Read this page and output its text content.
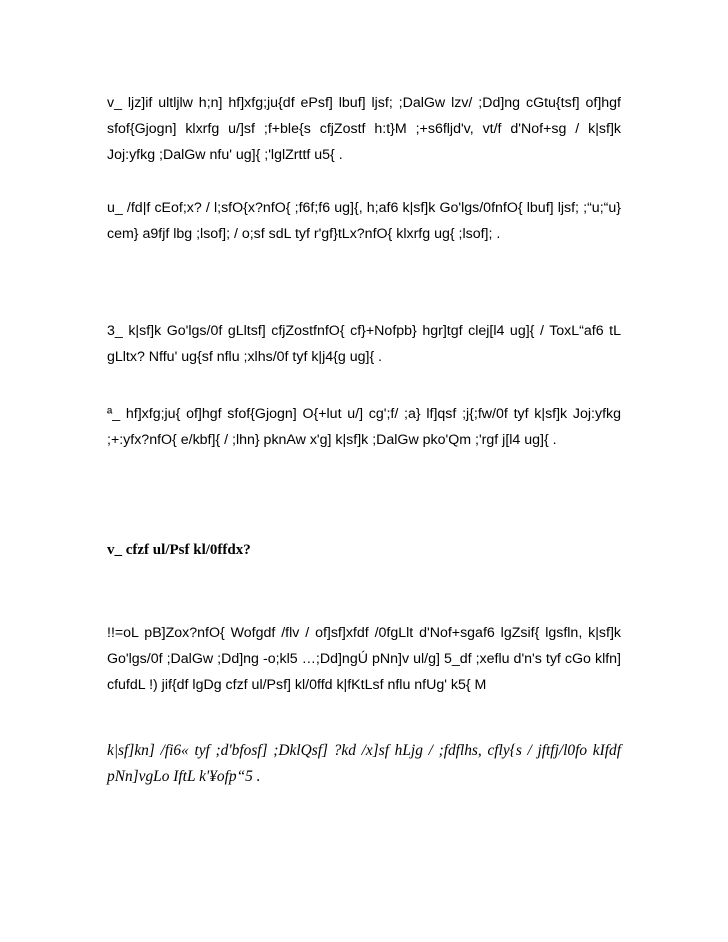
v_ ljz]if ultljlw h;n] hf]xfg;ju{df ePsf] lbuf] ljsf; ;DalGw lzv/ ;Dd]ng cGtu{tsf] of]hgf sfof{Gjogn] klxrfg u/]sf ;f+ble{s cfjZostf h:t}M ;+s6fljd'v, vt/f d'Nof+sg / k|sf]k Joj:yfkg ;DalGw nfu' ug]{ ;'lglZrttf u5{ .

u_ /fd|f cEof;x? / l;sfO{x?nfO{ ;f6f;f6 ug]{, h;af6 k|sf]k Go'lgs/0fnfO{ lbuf] ljsf; ;“u;“u} cem} a9fjf lbg ;lsof]; / o;sf sdL tyf r'gf}tLx?nfO{ klxrfg ug{ ;lsof]; .

3_ k|sf]k Go'lgs/0f gLltsf] cfjZostfnfO{ cf}+Nofpb} hgr]tgf clej[l4 ug]{ / ToxL“af6 tL gLltx? Nffu' ug{sf nflu ;xlhs/0f tyf k|j4{g ug]{ .

ª_ hf]xfg;ju{ of]hgf sfof{Gjogn] O{+lut u/] cg';f/ ;a} lf]qsf ;j{;fw/0f tyf k|sf]k Joj:yfkg ;+:yfx?nfO{ e/kbf]{ / ;lhn} pknAw x'g] k|sf]k ;DalGw pko'Qm ;'rgf j[l4 ug]{ .

v_ cfzf ul/Psf kl/0ffdx?

!!=oL pB]Zox?nfO{ Wofgdf /flv / of]sf]xfdf /0fgLlt d'Nof+sgaf6 lgZsif{ lgsfln, k|sf]k Go'lgs/0f ;DalGw ;Dd]ng -o;kl5 …;Dd]ngÚ pNn]v ul/g] 5_df ;xeflu d'n's tyf cGo klfn] cfufdL !) jif{df lgDg cfzf ul/Psf] kl/0ffd k|fKtLsf nflu nfUg' k5{ M

k|sf]kn] /fi6« tyf ;d'bfosf] ;DklQsf] ?kd /x]sf hLjg / ;fdflhs, cfly{s / jftfj/l0fo kIfdf pNn]vgLo IftL k'¥ofp“5 .
